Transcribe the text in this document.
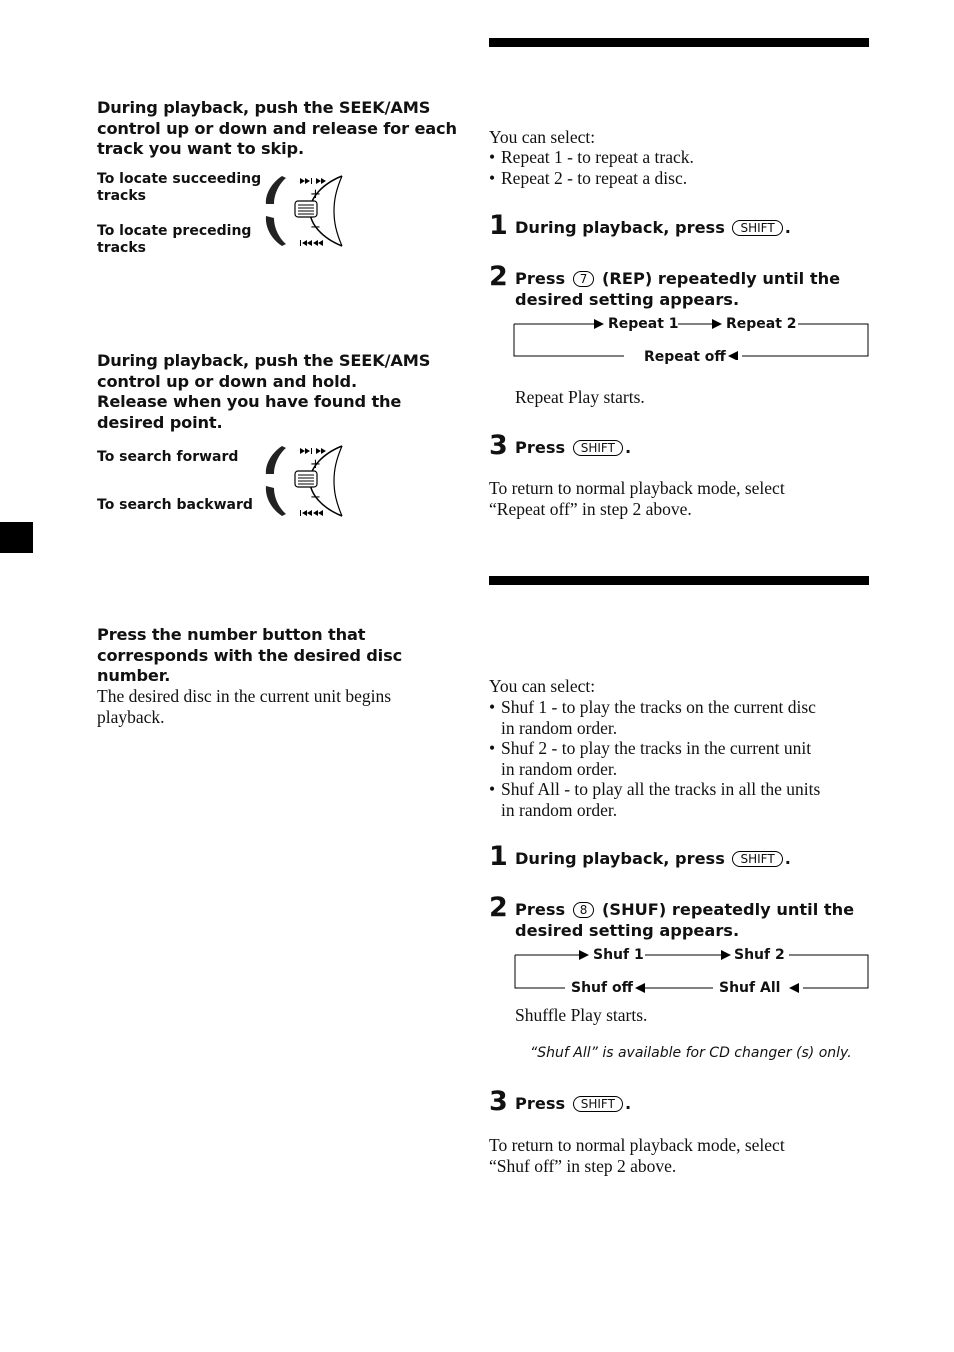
During playback, push the SEEK/AMS
control up or down and release for each
track you want to skip.
To locate succeeding
tracks
To locate preceding
tracks
+
−
During playback, push the SEEK/AMS
control up or down and hold.
Release when you have found the
desired point.
To search forward
To search backward
+
−
Press the number button that
corresponds with the desired disc
number.
The desired disc in the current unit begins
playback.
You can select:
• Repeat 1 - to repeat a track.
• Repeat 2 - to repeat a disc.
1 During playback, press SHIFT .
2 Press 7 (REP) repeatedly until the
desired setting appears.
Repeat 1	Repeat 2
Repeat off
Repeat Play starts.
3 Press SHIFT .
To return to normal playback mode, select
“Repeat off” in step 2 above.
You can select:
• Shuf 1 - to play the tracks on the current disc
in random order.
• Shuf 2 - to play the tracks in the current unit
in random order.
• Shuf All - to play all the tracks in all the units
in random order.
1 During playback, press SHIFT .
2 Press 8 (SHUF) repeatedly until the
desired setting appears.
Shuf 1	Shuf 2
Shuf off	Shuf All
Shuffle Play starts.
“Shuf All” is available for CD changer (s) only.
3 Press SHIFT .
To return to normal playback mode, select
“Shuf off” in step 2 above.
